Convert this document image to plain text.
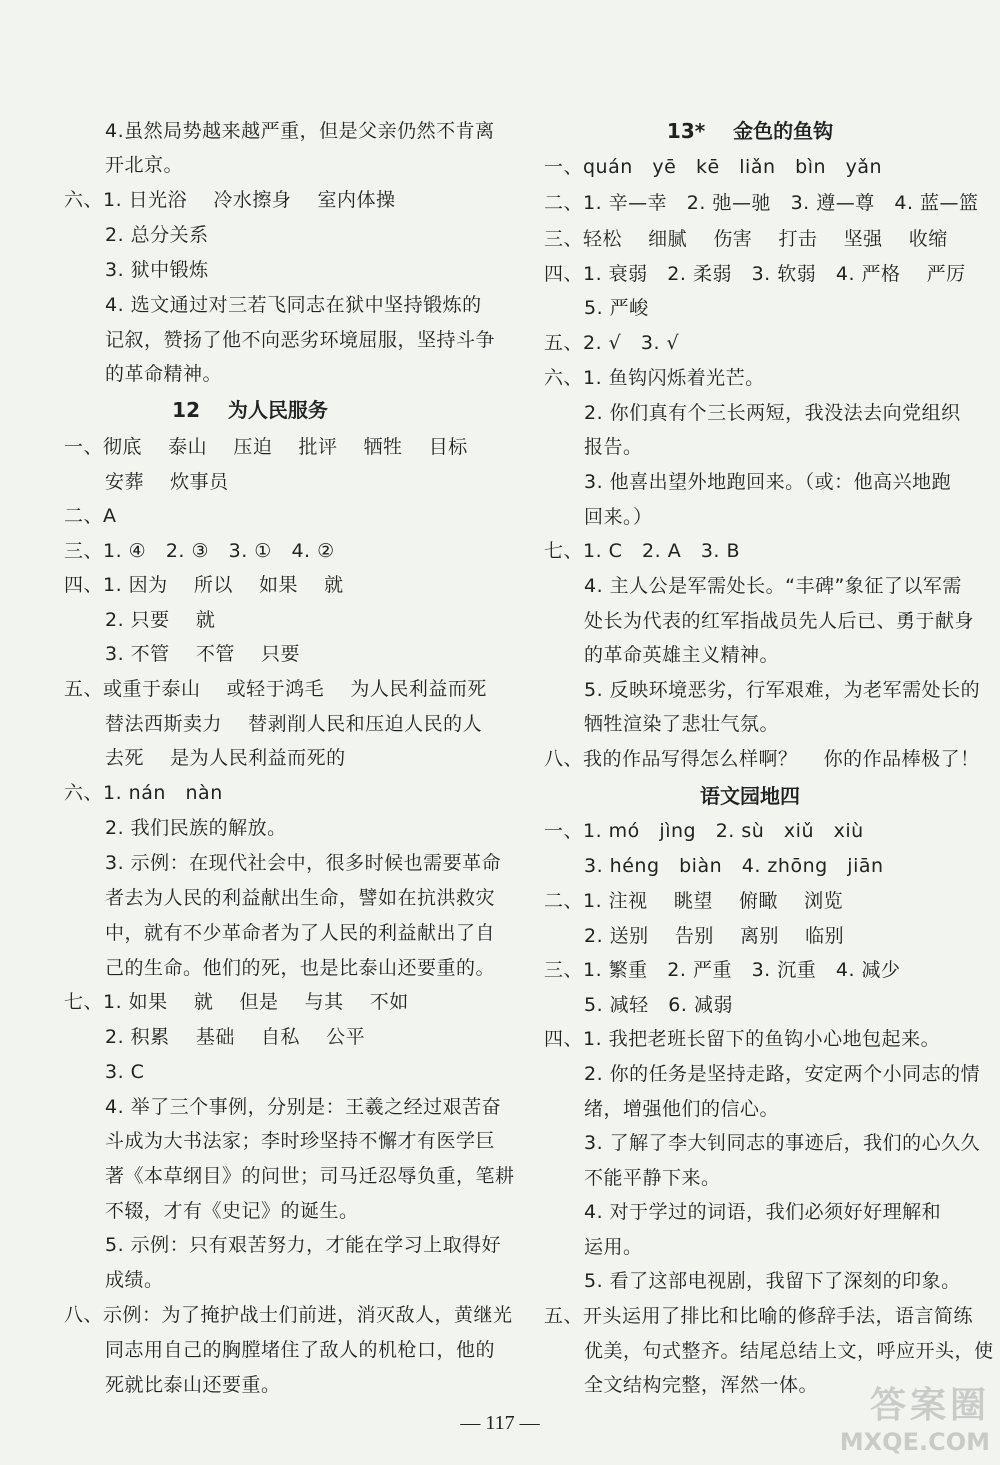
4.虽然局势越来越严重，但是父亲仍然不肯离
开北京。
六、1. 日光浴    冷水擦身    室内体操
2. 总分关系
3. 狱中锻炼
4. 选文通过对三若飞同志在狱中坚持锻炼的
记叙，赞扬了他不向恶劣环境屈服，坚持斗争
的革命精神。
12    为人民服务
一、彻底    泰山    压迫    批评    牺牲    目标
安葬    炊事员
二、A
三、1. ④   2. ③   3. ①   4. ②
四、1. 因为    所以    如果    就
2. 只要    就
3. 不管    不管    只要
五、或重于泰山    或轻于鸿毛    为人民利益而死
替法西斯卖力    替剥削人民和压迫人民的人
去死    是为人民利益而死的
六、1. nán   nàn
2. 我们民族的解放。
3. 示例：在现代社会中，很多时候也需要革命
者去为人民的利益献出生命，譬如在抗洪救灾
中，就有不少革命者为了人民的利益献出了自
己的生命。他们的死，也是比泰山还要重的。
七、1. 如果    就    但是    与其    不如
2. 积累    基础    自私    公平
3. C
4. 举了三个事例，分别是：王羲之经过艰苦奋
斗成为大书法家；李时珍坚持不懈才有医学巨
著《本草纲目》的问世；司马迁忍辱负重，笔耕
不辍，才有《史记》的诞生。
5. 示例：只有艰苦努力，才能在学习上取得好
成绩。
八、示例：为了掩护战士们前进，消灭敌人，黄继光
同志用自己的胸膛堵住了敌人的机枪口，他的
死就比泰山还要重。
13*    金色的鱼钩
一、quán   yē   kē   liǎn   bìn   yǎn
二、1. 辛—幸   2. 弛—驰   3. 遵—尊   4. 蓝—篮
三、轻松    细腻    伤害    打击    坚强    收缩
四、1. 衰弱   2. 柔弱   3. 软弱   4. 严格    严厉
5. 严峻
五、2. √   3. √
六、1. 鱼钩闪烁着光芒。
2. 你们真有个三长两短，我没法去向党组织
报告。
3. 他喜出望外地跑回来。（或：他高兴地跑
回来。）
七、1. C   2. A   3. B
4. 主人公是军需处长。“丰碑”象征了以军需
处长为代表的红军指战员先人后已、勇于献身
的革命英雄主义精神。
5. 反映环境恶劣，行军艰难，为老军需处长的
牺牲渲染了悲壮气氛。
八、我的作品写得怎么样啊？    你的作品棒极了！
语文园地四
一、1. mó   jìng   2. sù   xiǔ   xiù
3. héng   biàn   4. zhōng   jiān
二、1. 注视    眺望    俯瞰    浏览
2. 送别    告别    离别    临别
三、1. 繁重   2. 严重   3. 沉重   4. 减少
5. 减轻   6. 减弱
四、1. 我把老班长留下的鱼钩小心地包起来。
2. 你的任务是坚持走路，安定两个小同志的情
绪，增强他们的信心。
3. 了解了李大钊同志的事迹后，我们的心久久
不能平静下来。
4. 对于学过的词语，我们必须好好理解和
运用。
5. 看了这部电视剧，我留下了深刻的印象。
五、开头运用了排比和比喻的修辞手法，语言简练
优美，句式整齐。结尾总结上文，呼应开头，使
全文结构完整，浑然一体。
— 117 —	答案圈
MXQE.COM
